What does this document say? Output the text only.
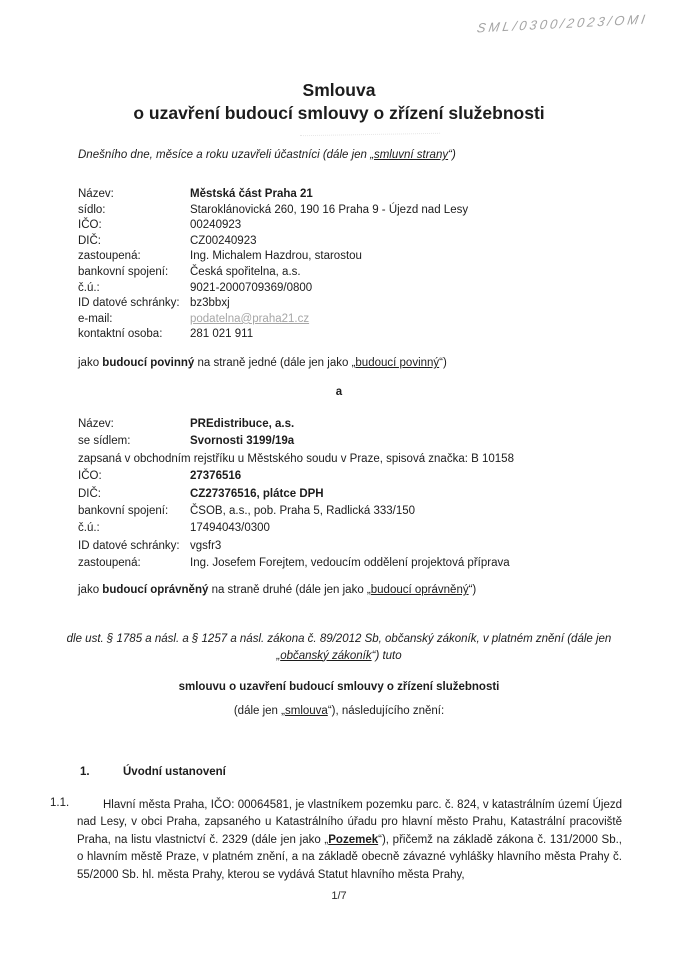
SML/0300/2023/OMI
Smlouva
o uzavření budoucí smlouvy o zřízení služebnosti
Dnešního dne, měsíce a roku uzavřeli účastníci (dále jen „smluvní strany“)
Název:	Městská část Praha 21
sídlo:	Staroklánovická 260, 190 16 Praha 9 - Újezd nad Lesy
IČO:	00240923
DIČ:	CZ00240923
zastoupená:	Ing. Michalem Hazdrou, starostou
bankovní spojení:	Česká spořitelna, a.s.
č.ú.:	9021-2000709369/0800
ID datové schránky: bz3bbxj
e-mail:	podatelna@praha21.cz
kontaktní osoba:	281 021 911
jako budoucí povinný na straně jedné (dále jen jako „budoucí povinný“)
a
Název:	PREdistribuce, a.s.
se sídlem:	Svornosti 3199/19a
zapsaná v obchodním rejstříku u Městského soudu v Praze, spisová značka: B 10158
IČO:	27376516
DIČ:	CZ27376516, plátce DPH
bankovní spojení:	ČSOB, a.s., pob. Praha 5, Radlická 333/150
č.ú.:	17494043/0300
ID datové schránky: vgsfr3
zastoupená:	Ing. Josefem Forejtem, vedoucím oddělení projektová příprava
jako budoucí oprávněný na straně druhé (dále jen jako „budoucí oprávněný“)
dle ust. § 1785 a násl. a § 1257 a násl. zákona č. 89/2012 Sb, občanský zákoník, v platném znění (dále jen „občanský zákoník“) tuto
smlouvu o uzavření budoucí smlouvy o zřízení služebnosti
(dále jen „smlouva“), následujícího znění:
1.	Úvodní ustanovení
1.1.	Hlavní města Praha, IČO: 00064581, je vlastníkem pozemku parc. č. 824, v katastrálním území Újezd nad Lesy, v obci Praha, zapsaného u Katastrálního úřadu pro hlavní město Prahu, Katastrální pracoviště Praha, na listu vlastnictví č. 2329 (dále jen jako „Pozemek“), přičemž na základě zákona č. 131/2000 Sb., o hlavním městě Praze, v platném znění, a na základě obecně závazné vyhlášky hlavního města Prahy č. 55/2000 Sb. hl. města Prahy, kterou se vydává Statut hlavního města Prahy,
1/7
